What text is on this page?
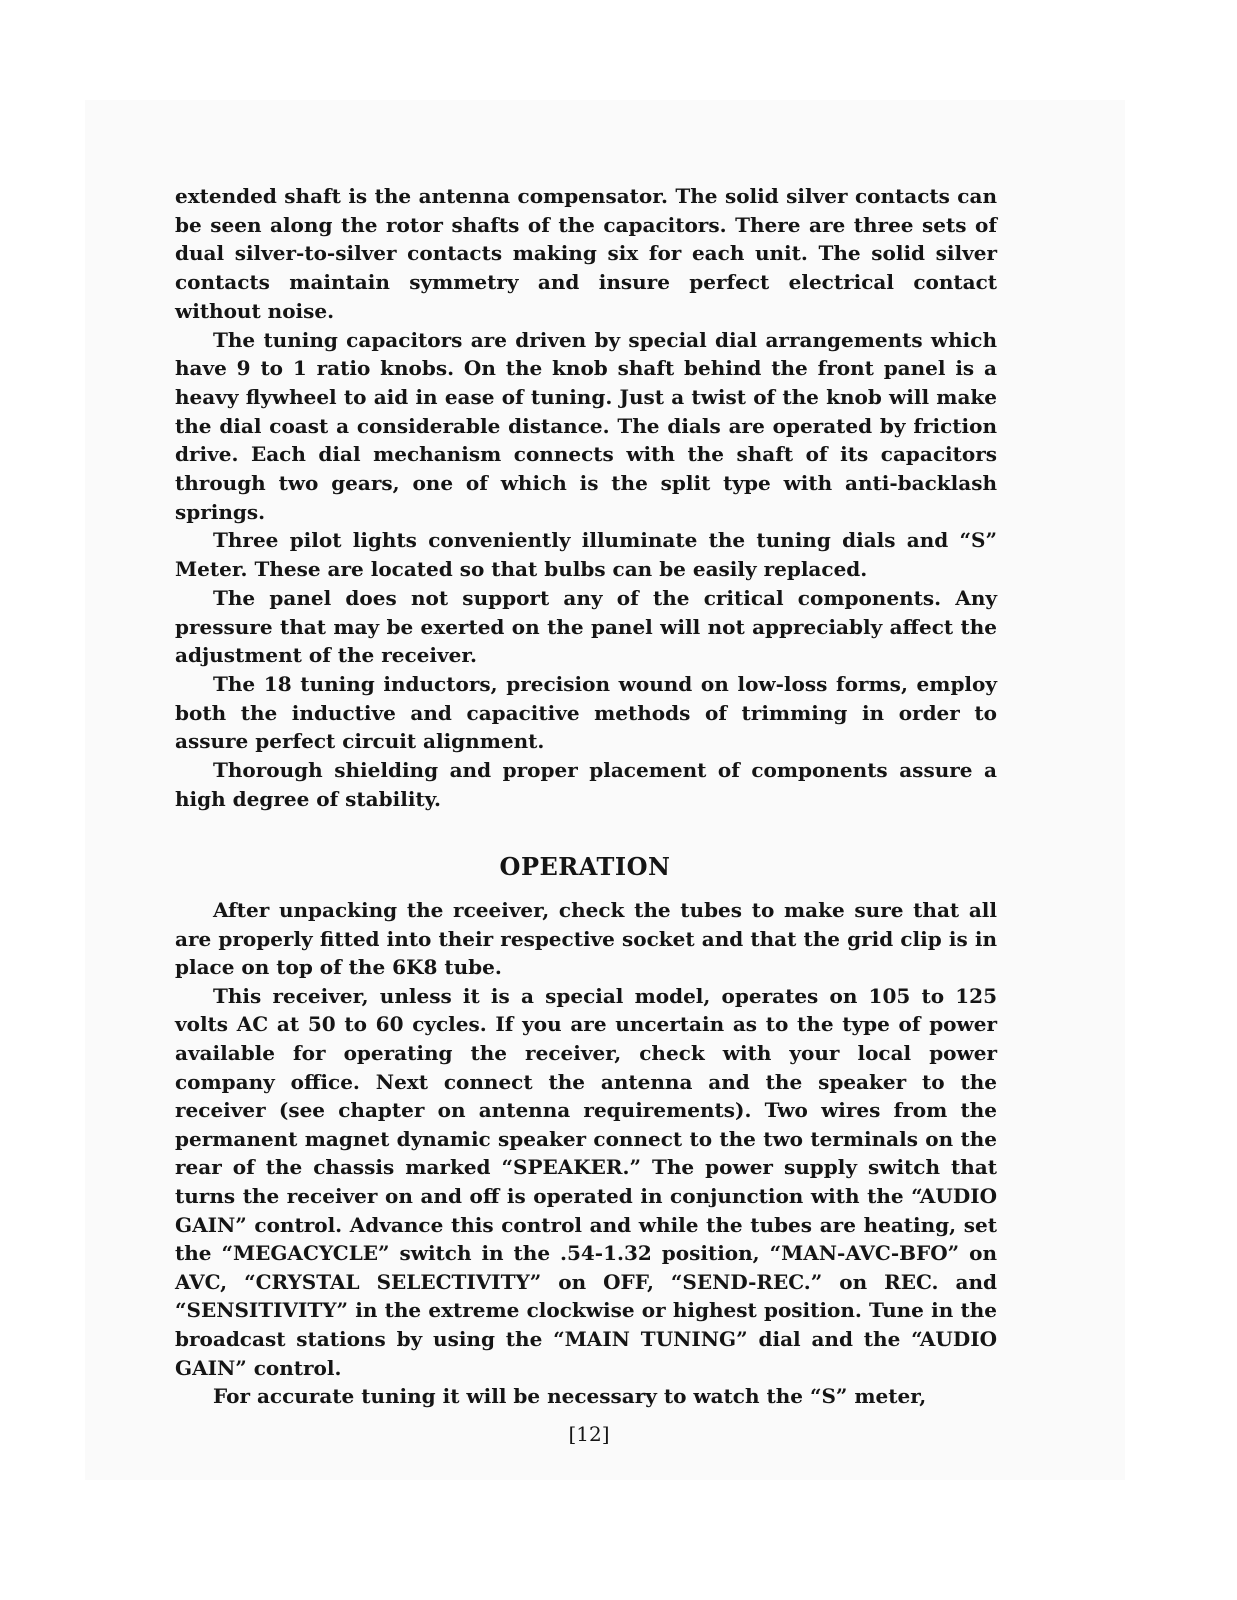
extended shaft is the antenna compensator. The solid silver contacts can be seen along the rotor shafts of the capacitors. There are three sets of dual silver-to-silver contacts making six for each unit. The solid silver contacts maintain symmetry and insure perfect electrical contact without noise.

The tuning capacitors are driven by special dial arrangements which have 9 to 1 ratio knobs. On the knob shaft behind the front panel is a heavy flywheel to aid in ease of tuning. Just a twist of the knob will make the dial coast a considerable distance. The dials are operated by friction drive. Each dial mechanism connects with the shaft of its capacitors through two gears, one of which is the split type with anti-backlash springs.

Three pilot lights conveniently illuminate the tuning dials and “S” Meter. These are located so that bulbs can be easily replaced.

The panel does not support any of the critical components. Any pressure that may be exerted on the panel will not appreciably affect the adjustment of the receiver.

The 18 tuning inductors, precision wound on low-loss forms, employ both the inductive and capacitive methods of trimming in order to assure perfect circuit alignment.

Thorough shielding and proper placement of components assure a high degree of stability.

OPERATION

After unpacking the rceeiver, check the tubes to make sure that all are properly fitted into their respective socket and that the grid clip is in place on top of the 6K8 tube.

This receiver, unless it is a special model, operates on 105 to 125 volts AC at 50 to 60 cycles. If you are uncertain as to the type of power available for operating the receiver, check with your local power company office. Next connect the antenna and the speaker to the receiver (see chapter on antenna requirements). Two wires from the permanent magnet dynamic speaker connect to the two terminals on the rear of the chassis marked “SPEAKER.” The power supply switch that turns the receiver on and off is operated in conjunction with the “AUDIO GAIN” control. Advance this control and while the tubes are heating, set the “MEGACYCLE” switch in the .54-1.32 position, “MAN-AVC-BFO” on AVC, “CRYSTAL SELECTIVITY” on OFF, “SEND-REC.” on REC. and “SENSITIVITY” in the extreme clockwise or highest position. Tune in the broadcast stations by using the “MAIN TUNING” dial and the “AUDIO GAIN” control.

For accurate tuning it will be necessary to watch the “S” meter,

[12]
